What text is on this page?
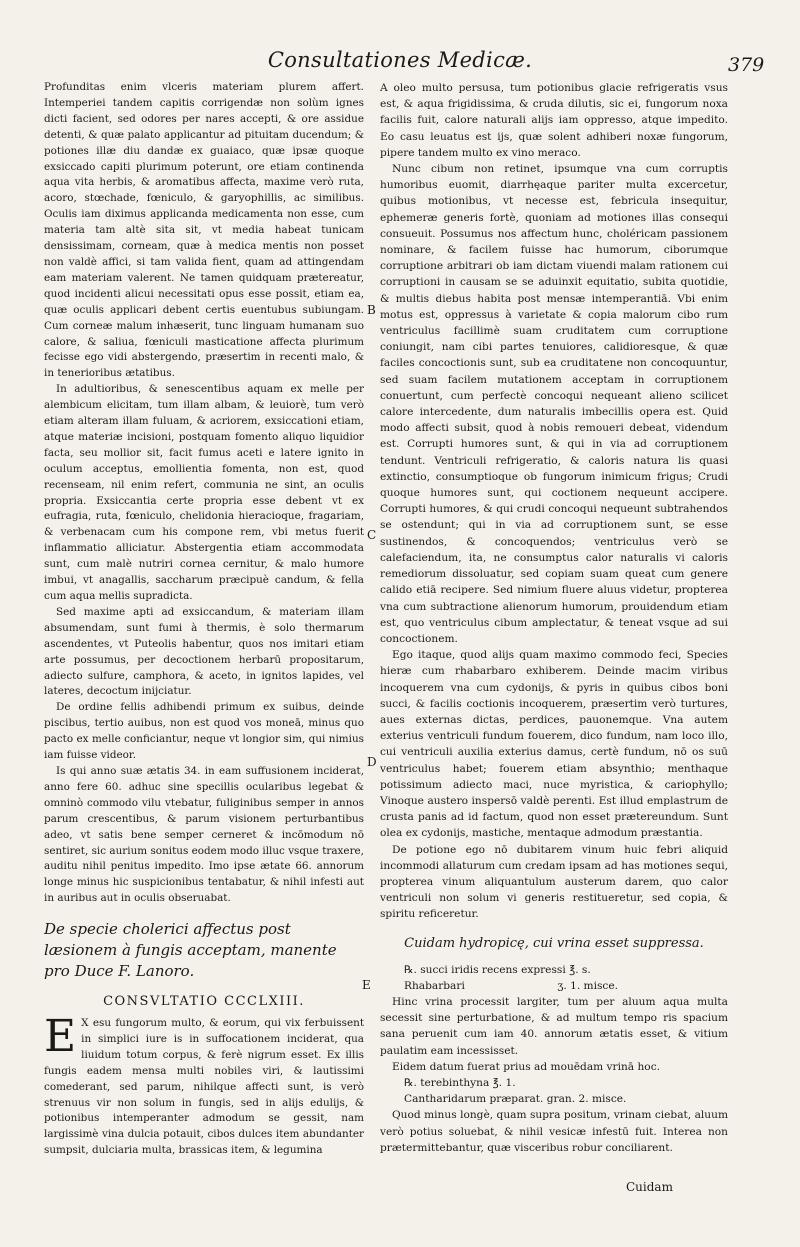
Consultationes Medicæ.	379
B
C
D
E

Profunditas enim vlceris materiam plurem affert. Intemperiei tandem capitis corrigendæ non solùm ignes dicti facient, sed odores per nares accepti, & ore assidue detenti, & quæ palato applicantur ad pituitam ducendum; & potiones illæ diu dandæ ex guaiaco, quæ ipsæ quoque exsiccado capiti plurimum poterunt, ore etiam continenda aqua vita herbis, & aromatibus affecta, maxime verò ruta, acoro, stœchade, fœniculo, & garyophillis, ac similibus. Oculis iam diximus applicanda medicamenta non esse, cum materia tam altè sita sit, vt media habeat tunicam densissimam, corneam, quæ à medica mentis non posset non valdè affici, si tam valida fient, quam ad attingendam eam materiam valerent. Ne tamen quidquam prætereatur, quod incidenti alicui necessitati opus esse possit, etiam ea, quæ oculis applicari debent certis euentubus subiungam. Cum corneæ malum inhæserit, tunc linguam humanam suo calore, & saliua, fœniculi masticatione affecta plurimum fecisse ego vidi abstergendo, præsertim in recenti malo, & in tenerioribus ætatibus.

In adultioribus, & senescentibus aquam ex melle per alembicum elicitam, tum illam albam, & leuiorè, tum verò etiam alteram illam fuluam, & acriorem, exsiccationi etiam, atque materiæ incisioni, postquam fomento aliquo liquidior facta, seu mollior sit, facit fumus aceti e latere ignito in oculum acceptus, emollientia fomenta, non est, quod recenseam, nil enim refert, communia ne sint, an oculis propria. Exsiccantia certe propria esse debent vt ex eufragia, ruta, fœniculo, chelidonia hieracioque, fragariam, & verbenacam cum his compone rem, vbi metus fuerit inflammatio alliciatur. Abstergentia etiam accommodata sunt, cum malè nutriri cornea cernitur, & malo humore imbui, vt anagallis, saccharum præcipuè candum, & fella cum aqua mellis supradicta.

Sed maxime apti ad exsiccandum, & materiam illam absumendam, sunt fumi à thermis, è solo thermarum ascendentes, vt Puteolis habentur, quos nos imitari etiam arte possumus, per decoctionem herbarū propositarum, adiecto sulfure, camphora, & aceto, in ignitos lapides, vel lateres, decoctum inijciatur.

De ordine fellis adhibendi primum ex suibus, deinde piscibus, tertio auibus, non est quod vos moneā, minus quo pacto ex melle conficiantur, neque vt longior sim, qui nimius iam fuisse videor.

Is qui anno suæ ætatis 34. in eam suffusionem inciderat, anno fere 60. adhuc sine specillis ocularibus legebat & omninò commodo vilu vtebatur, fuliginibus semper in annos parum crescentibus, & parum visionem perturbantibus adeo, vt satis bene semper cerneret & incōmodum nō sentiret, sic aurium sonitus eodem modo illuc vsque traxere, auditu nihil penitus impedito. Imo ipse ætate 66. annorum longe minus hic suspicionibus tentabatur, & nihil infesti aut in auribus aut in oculis obseruabat.

De specie cholerici affectus post læsionem à fungis acceptam, manente pro Duce F. Lanoro.
CONSVLTATIO CCCLXIII.
E X esu fungorum multo, & eorum, qui vix ferbuissent in simplici iure is in suffocationem inciderat, qua liuidum totum corpus, & ferè nigrum esset. Ex illis fungis eadem mensa multi nobiles viri, & lautissimi comederant, sed parum, nihilque affecti sunt, is verò strenuus vir non solum in fungis, sed in alijs edulijs, & potionibus intemperanter admodum se gessit, nam largissimè vina dulcia potauit, cibos dulces item abundanter sumpsit, dulciaria multa, brassicas item, & legumina

A oleo multo persusa, tum potionibus glacie refrigeratis vsus est, & aqua frigidissima, & cruda dilutis, sic ei, fungorum noxa facilis fuit, calore naturali alijs iam oppresso, atque impedito. Eo casu leuatus est ijs, quæ solent adhiberi noxæ fungorum, pipere tandem multo ex vino meraco.

Nunc cibum non retinet, ipsumque vna cum corruptis humoribus euomit, diarrhęaque pariter multa excercetur, quibus motionibus, vt necesse est, febricula insequitur, ephemeræ generis fortè, quoniam ad motiones illas consequi consueuit. Possumus nos affectum hunc, choléricam passionem nominare, & facilem fuisse hac humorum, ciborumque corruptione arbitrari ob iam dictam viuendi malam rationem cui corruptioni in causam se se aduinxit equitatio, subita quotidie, & multis diebus habita post mensæ intemperantiā. Vbi enim motus est, oppressus à varietate & copia malorum cibo rum ventriculus facillimè suam cruditatem cum corruptione coniungit, nam cibi partes tenuiores, calidioresque, & quæ faciles concoctionis sunt, sub ea cruditatene non concoquuntur, sed suam facilem mutationem acceptam in corruptionem conuertunt, cum perfectè concoqui nequeant alieno scilicet calore intercedente, dum naturalis imbecillis opera est. Quid modo affecti subsit, quod à nobis remoueri debeat, videndum est. Corrupti humores sunt, & qui in via ad corruptionem tendunt. Ventriculi refrigeratio, & caloris natura lis quasi extinctio, consumptioque ob fungorum inimicum frigus; Crudi quoque humores sunt, qui coctionem nequeunt accipere. Corrupti humores, & qui crudi concoqui nequeunt subtrahendos se ostendunt; qui in via ad corruptionem sunt, se esse sustinendos, & concoquendos; ventriculus verò se calefaciendum, ita, ne consumptus calor naturalis vi caloris remediorum dissoluatur, sed copiam suam queat cum genere calido etiā recipere. Sed nimium fluere aluus videtur, propterea vna cum subtractione alienorum humorum, prouidendum etiam est, quo ventriculus cibum amplectatur, & teneat vsque ad sui concoctionem.

Ego itaque, quod alijs quam maximo commodo feci, Species hieræ cum rhabarbaro exhiberem. Deinde macim viribus incoquerem vna cum cydonijs, & pyris in quibus cibos boni succi, & facilis coctionis incoquerem, præsertim verò turtures, aues externas dictas, perdices, pauonemque. Vna autem exterius ventriculi fundum fouerem, dico fundum, nam loco illo, cui ventriculi auxilia exterius damus, certè fundum, nō os suū ventriculus habet; fouerem etiam absynthio; menthaque potissimum adiecto maci, nuce myristica, & cariophyllo; Vinoque austero inspersō valdè perenti. Est illud emplastrum de crusta panis ad id factum, quod non esset prætereundum. Sunt olea ex cydonijs, mastiche, mentaque admodum præstantia.

De potione ego nō dubitarem vinum huic febri aliquid incommodi allaturum cum credam ipsam ad has motiones sequi, propterea vinum aliquantulum austerum darem, quo calor ventriculi non solum vi generis restitueretur, sed copia, & spiritu reficeretur.

Cuidam hydropicę, cui vrina esset suppressa.

℞. succi iridis recens expressi ℥. s.

Rhabarbari	ʒ. 1. misce.

Hinc vrina processit largiter, tum per aluum aqua multa secessit sine perturbatione, & ad multum tempo ris spacium sana peruenit cum iam 40. annorum ætatis esset, & vitium paulatim eam incessisset.

Eidem datum fuerat prius ad mouēdam vrinā hoc.

℞. terebinthyna ℥. 1.

Cantharidarum præparat. gran. 2. misce.

Quod minus longè, quam supra positum, vrinam ciebat, aluum verò potius soluebat, & nihil vesicæ infestū fuit. Interea non prætermittebantur, quæ visceribus robur conciliarent.

Cuidam
